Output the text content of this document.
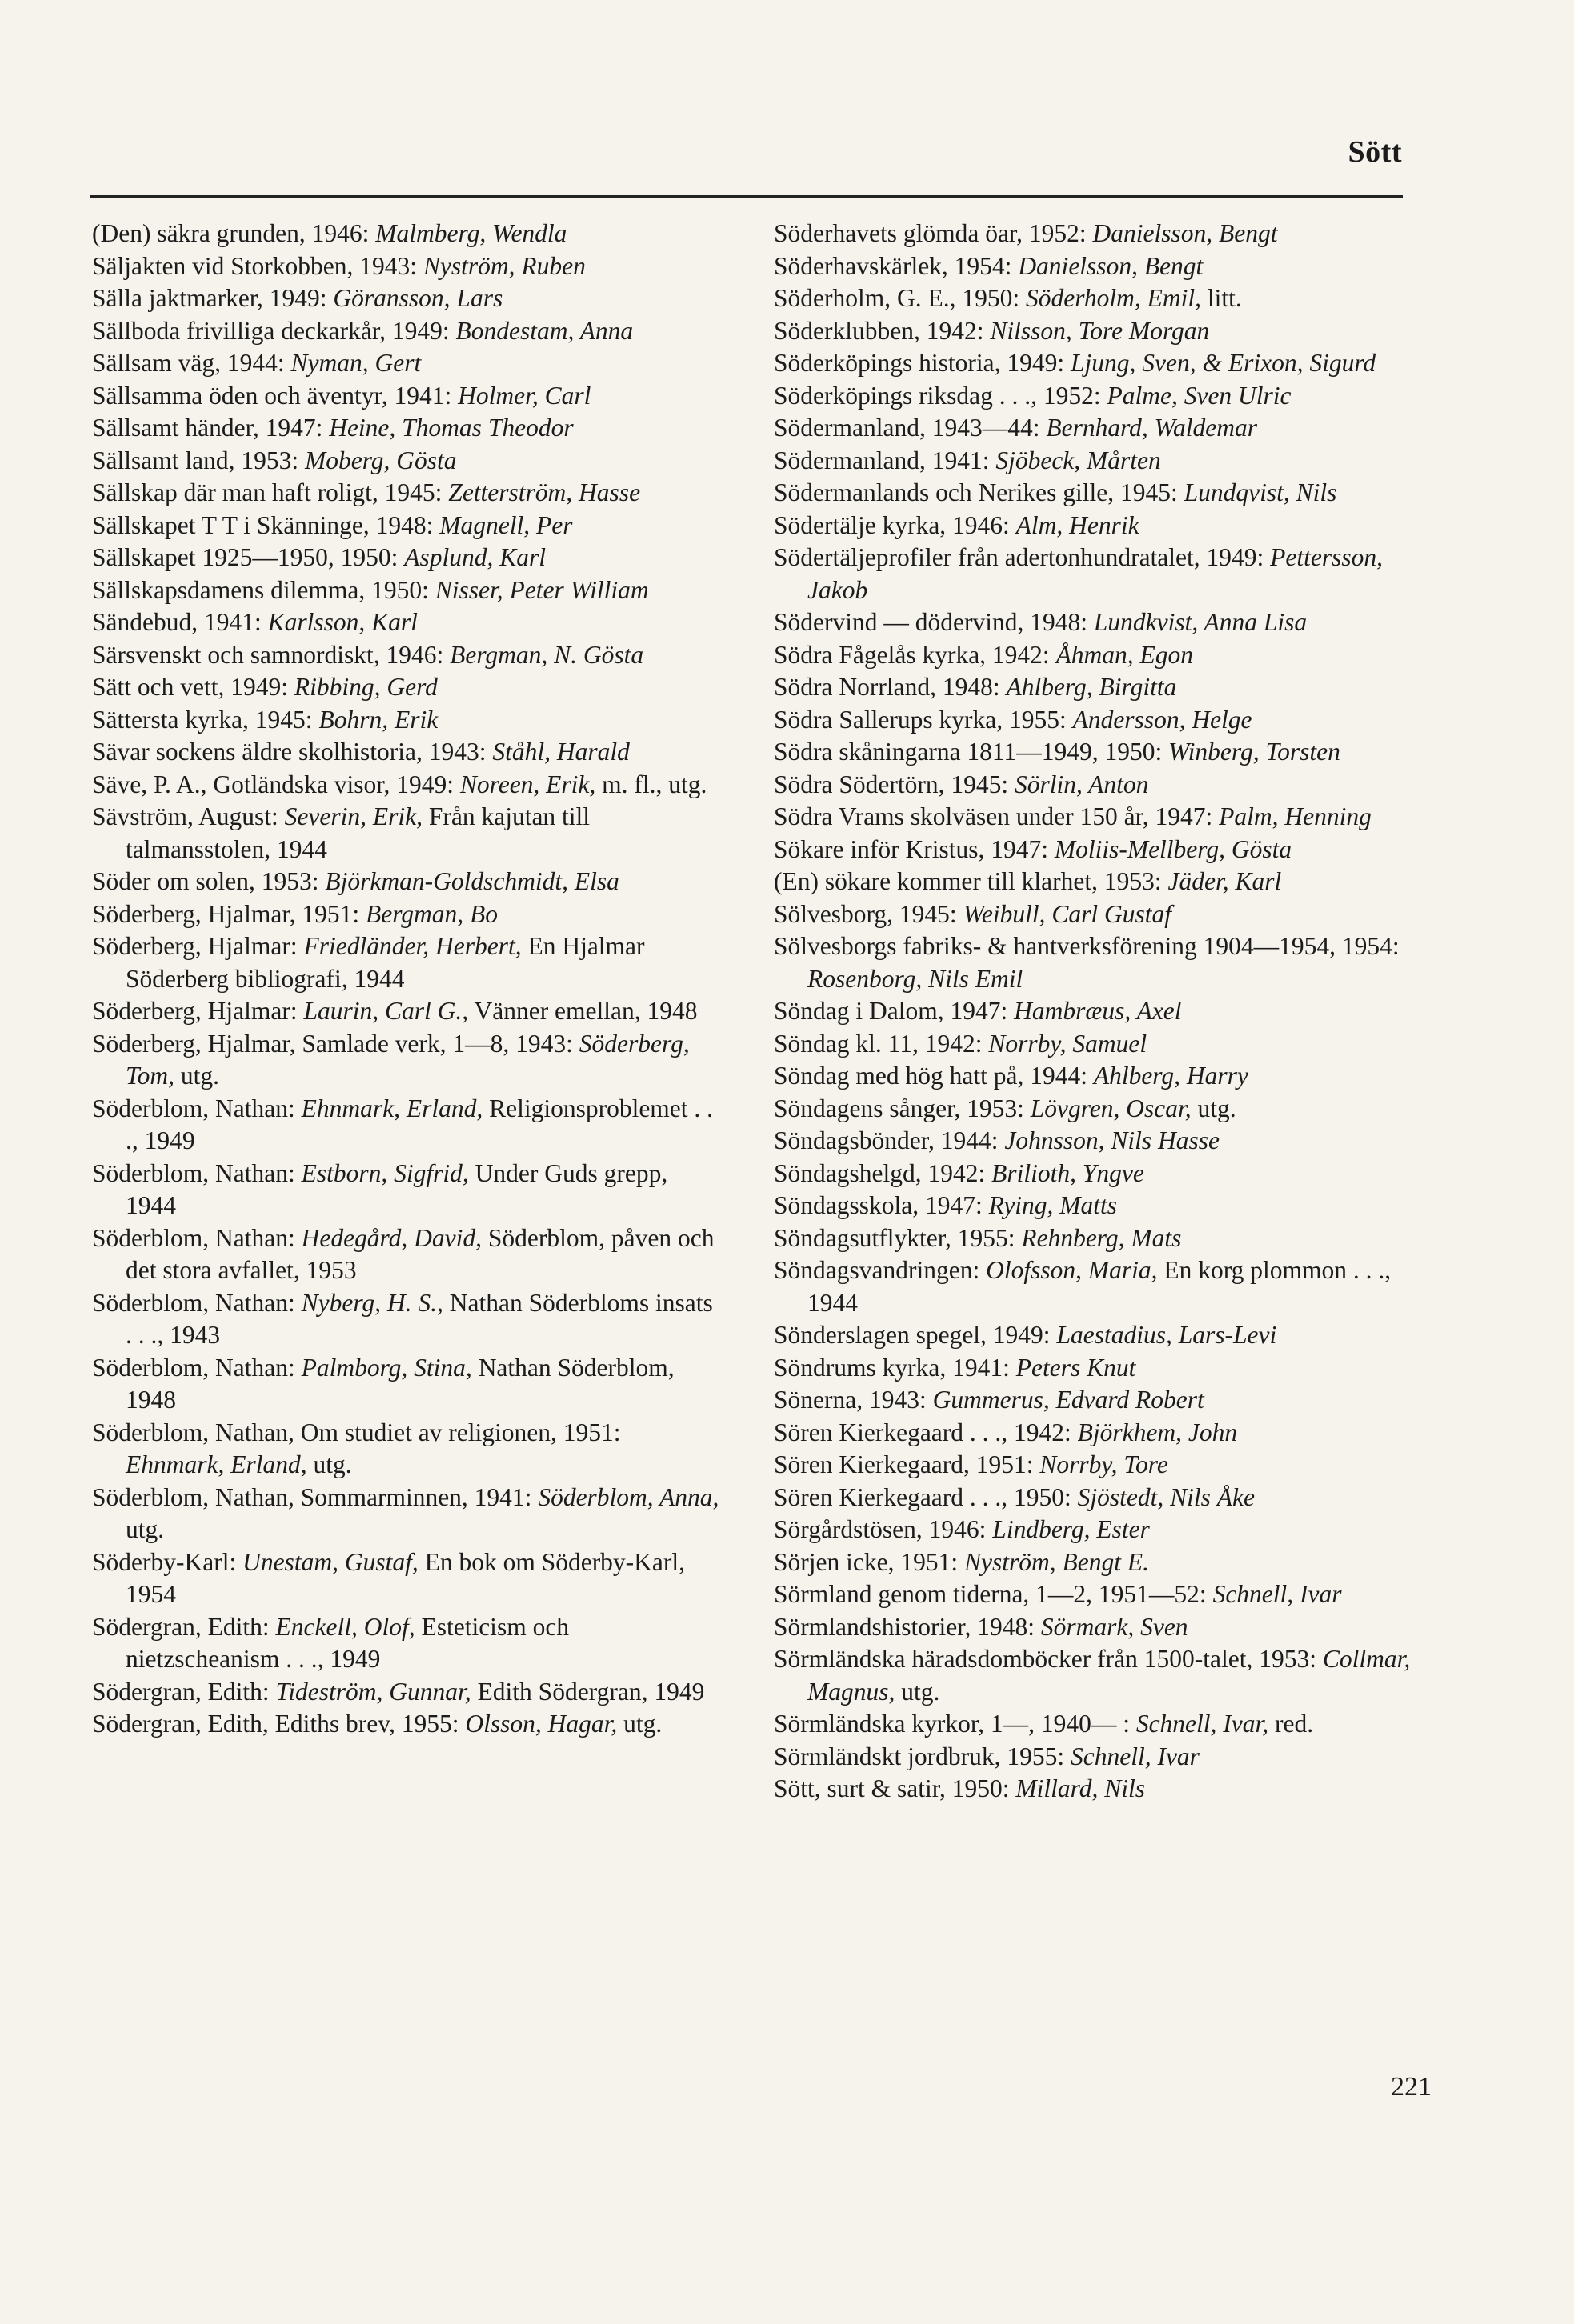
Sött

(Den) säkra grunden, 1946: Malmberg, Wendla

Säljakten vid Storkobben, 1943: Nyström, Ruben

Sälla jaktmarker, 1949: Göransson, Lars

Sällboda frivilliga deckarkår, 1949: Bondestam, Anna

Sällsam väg, 1944: Nyman, Gert

Sällsamma öden och äventyr, 1941: Holmer, Carl

Sällsamt händer, 1947: Heine, Thomas Theodor

Sällsamt land, 1953: Moberg, Gösta

Sällskap där man haft roligt, 1945: Zetterström, Hasse

Sällskapet T T i Skänninge, 1948: Magnell, Per

Sällskapet 1925—1950, 1950: Asplund, Karl

Sällskapsdamens dilemma, 1950: Nisser, Peter William

Sändebud, 1941: Karlsson, Karl

Särsvenskt och samnordiskt, 1946: Bergman, N. Gösta

Sätt och vett, 1949: Ribbing, Gerd

Sättersta kyrka, 1945: Bohrn, Erik

Sävar sockens äldre skolhistoria, 1943: Ståhl, Harald

Säve, P. A., Gotländska visor, 1949: Noreen, Erik, m. fl., utg.

Sävström, August: Severin, Erik, Från kajutan till talmansstolen, 1944

Söder om solen, 1953: Björkman-Goldschmidt, Elsa

Söderberg, Hjalmar, 1951: Bergman, Bo

Söderberg, Hjalmar: Friedländer, Herbert, En Hjalmar Söderberg bibliografi, 1944

Söderberg, Hjalmar: Laurin, Carl G., Vänner emellan, 1948

Söderberg, Hjalmar, Samlade verk, 1—8, 1943: Söderberg, Tom, utg.

Söderblom, Nathan: Ehnmark, Erland, Religionsproblemet . . ., 1949

Söderblom, Nathan: Estborn, Sigfrid, Under Guds grepp, 1944

Söderblom, Nathan: Hedegård, David, Söderblom, påven och det stora avfallet, 1953

Söderblom, Nathan: Nyberg, H. S., Nathan Söderbloms insats . . ., 1943

Söderblom, Nathan: Palmborg, Stina, Nathan Söderblom, 1948

Söderblom, Nathan, Om studiet av religionen, 1951: Ehnmark, Erland, utg.

Söderblom, Nathan, Sommarminnen, 1941: Söderblom, Anna, utg.

Söderby-Karl: Unestam, Gustaf, En bok om Söderby-Karl, 1954

Södergran, Edith: Enckell, Olof, Esteticism och nietzscheanism . . ., 1949

Södergran, Edith: Tideström, Gunnar, Edith Södergran, 1949

Södergran, Edith, Ediths brev, 1955: Olsson, Hagar, utg.

Söderhavets glömda öar, 1952: Danielsson, Bengt

Söderhavskärlek, 1954: Danielsson, Bengt

Söderholm, G. E., 1950: Söderholm, Emil, litt.

Söderklubben, 1942: Nilsson, Tore Morgan

Söderköpings historia, 1949: Ljung, Sven, & Erixon, Sigurd

Söderköpings riksdag . . ., 1952: Palme, Sven Ulric

Södermanland, 1943—44: Bernhard, Waldemar

Södermanland, 1941: Sjöbeck, Mårten

Södermanlands och Nerikes gille, 1945: Lundqvist, Nils

Södertälje kyrka, 1946: Alm, Henrik

Södertäljeprofiler från adertonhundratalet, 1949: Pettersson, Jakob

Södervind — dödervind, 1948: Lundkvist, Anna Lisa

Södra Fågelås kyrka, 1942: Åhman, Egon

Södra Norrland, 1948: Ahlberg, Birgitta

Södra Sallerups kyrka, 1955: Andersson, Helge

Södra skåningarna 1811—1949, 1950: Winberg, Torsten

Södra Södertörn, 1945: Sörlin, Anton

Södra Vrams skolväsen under 150 år, 1947: Palm, Henning

Sökare inför Kristus, 1947: Moliis-Mellberg, Gösta

(En) sökare kommer till klarhet, 1953: Jäder, Karl

Sölvesborg, 1945: Weibull, Carl Gustaf

Sölvesborgs fabriks- & hantverksförening 1904—1954, 1954: Rosenborg, Nils Emil

Söndag i Dalom, 1947: Hambræus, Axel

Söndag kl. 11, 1942: Norrby, Samuel

Söndag med hög hatt på, 1944: Ahlberg, Harry

Söndagens sånger, 1953: Lövgren, Oscar, utg.

Söndagsbönder, 1944: Johnsson, Nils Hasse

Söndagshelgd, 1942: Brilioth, Yngve

Söndagsskola, 1947: Rying, Matts

Söndagsutflykter, 1955: Rehnberg, Mats

Söndagsvandringen: Olofsson, Maria, En korg plommon . . ., 1944

Sönderslagen spegel, 1949: Laestadius, Lars-Levi

Söndrums kyrka, 1941: Peters Knut

Sönerna, 1943: Gummerus, Edvard Robert

Sören Kierkegaard . . ., 1942: Björkhem, John

Sören Kierkegaard, 1951: Norrby, Tore

Sören Kierkegaard . . ., 1950: Sjöstedt, Nils Åke

Sörgårdstösen, 1946: Lindberg, Ester

Sörjen icke, 1951: Nyström, Bengt E.

Sörmland genom tiderna, 1—2, 1951—52: Schnell, Ivar

Sörmlandshistorier, 1948: Sörmark, Sven

Sörmländska häradsdomböcker från 1500-talet, 1953: Collmar, Magnus, utg.

Sörmländska kyrkor, 1—, 1940— : Schnell, Ivar, red.

Sörmländskt jordbruk, 1955: Schnell, Ivar

Sött, surt & satir, 1950: Millard, Nils

221
